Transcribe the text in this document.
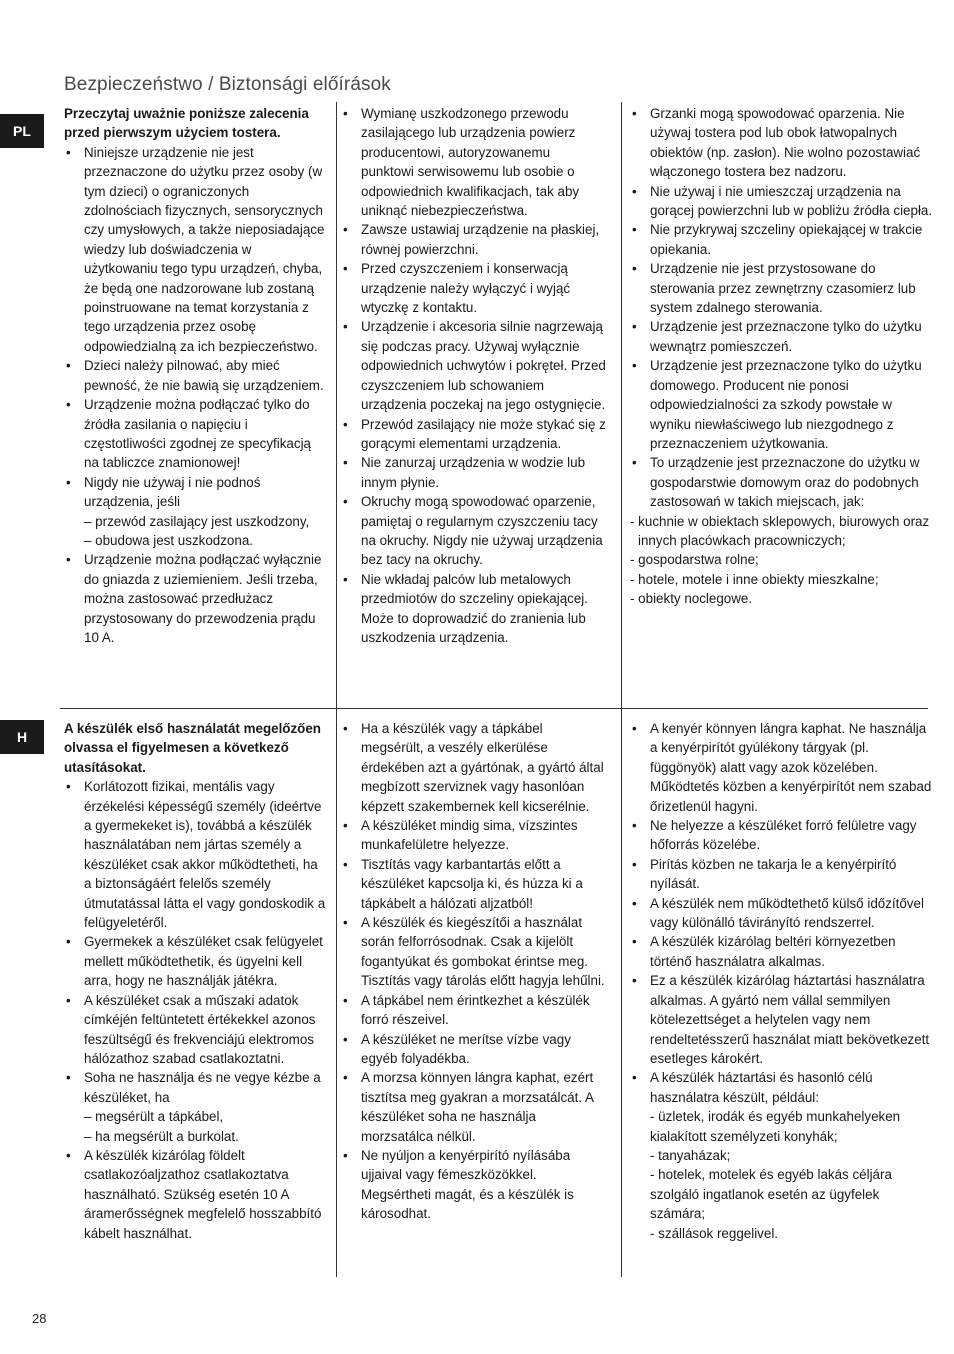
Bezpieczeństwo / Biztonsági előírások
PL
H
Przeczytaj uważnie poniższe zalecenia przed pierwszym użyciem tostera.
• Niniejsze urządzenie nie jest przeznaczone do użytku przez osoby (w tym dzieci) o ograniczonych zdolnościach fizycznych, sensorycznych czy umysłowych, a także nieposiadające wiedzy lub doświadczenia w użytkowaniu tego typu urządzeń, chyba, że będą one nadzorowane lub zostaną poinstruowane na temat korzystania z tego urządzenia przez osobę odpowiedzialną za ich bezpieczeństwo.
• Dzieci należy pilnować, aby mieć pewność, że nie bawią się urządzeniem.
• Urządzenie można podłączać tylko do źródła zasilania o napięciu i częstotliwości zgodnej ze specyfikacją na tabliczce znamionowej!
• Nigdy nie używaj i nie podnoś urządzenia, jeśli
– przewód zasilający jest uszkodzony,
– obudowa jest uszkodzona.
• Urządzenie można podłączać wyłącznie do gniazda z uziemieniem. Jeśli trzeba, można zastosować przedłużacz przystosowany do przewodzenia prądu 10 A.
• Wymianę uszkodzonego przewodu zasilającego lub urządzenia powierz producentowi, autoryzowanemu punktowi serwisowemu lub osobie o odpowiednich kwalifikacjach, tak aby uniknąć niebezpieczeństwa.
• Zawsze ustawiaj urządzenie na płaskiej, równej powierzchni.
• Przed czyszczeniem i konserwacją urządzenie należy wyłączyć i wyjąć wtyczkę z kontaktu.
• Urządzenie i akcesoria silnie nagrzewają się podczas pracy. Używaj wyłącznie odpowiednich uchwytów i pokręteł. Przed czyszczeniem lub schowaniem urządzenia poczekaj na jego ostygnięcie.
• Przewód zasilający nie może stykać się z gorącymi elementami urządzenia.
• Nie zanurzaj urządzenia w wodzie lub innym płynie.
• Okruchy mogą spowodować oparzenie, pamiętaj o regularnym czyszczeniu tacy na okruchy. Nigdy nie używaj urządzenia bez tacy na okruchy.
• Nie wkładaj palców lub metalowych przedmiotów do szczeliny opiekającej. Może to doprowadzić do zranienia lub uszkodzenia urządzenia.
• Grzanki mogą spowodować oparzenia. Nie używaj tostera pod lub obok łatwopalnych obiektów (np. zasłon). Nie wolno pozostawiać włączonego tostera bez nadzoru.
• Nie używaj i nie umieszczaj urządzenia na gorącej powierzchni lub w pobliżu źródła ciepła.
• Nie przykrywaj szczeliny opiekającej w trakcie opiekania.
• Urządzenie nie jest przystosowane do sterowania przez zewnętrzny czasomierz lub system zdalnego sterowania.
• Urządzenie jest przeznaczone tylko do użytku wewnątrz pomieszczeń.
• Urządzenie jest przeznaczone tylko do użytku domowego. Producent nie ponosi odpowiedzialności za szkody powstałe w wyniku niewłaściwego lub niezgodnego z przeznaczeniem użytkowania.
• To urządzenie jest przeznaczone do użytku w gospodarstwie domowym oraz do podobnych zastosowań w takich miejscach, jak:
- kuchnie w obiektach sklepowych, biurowych oraz innych placówkach pracowniczych;
- gospodarstwa rolne;
- hotele, motele i inne obiekty mieszkalne;
- obiekty noclegowe.
A készülék első használatát megelőzően olvassa el figyelmesen a következő utasításokat.
• Korlátozott fizikai, mentális vagy érzékelési képességű személy (ideértve a gyermekeket is), továbbá a készülék használatában nem jártas személy a készüléket csak akkor működtetheti, ha a biztonságáért felelős személy útmutatással látta el vagy gondoskodik a felügyeletéről.
• Gyermekek a készüléket csak felügyelet mellett működtethetik, és ügyelni kell arra, hogy ne használják játékra.
• A készüléket csak a műszaki adatok címkéjén feltüntetett értékekkel azonos feszültségű és frekvenciájú elektromos hálózathoz szabad csatlakoztatni.
• Soha ne használja és ne vegye kézbe a készüléket, ha
– megsérült a tápkábel,
– ha megsérült a burkolat.
• A készülék kizárólag földelt csatlakozóaljzathoz csatlakoztatva használható. Szükség esetén 10 A áramerősségnek megfelelő hosszabbító kábelt használhat.
• Ha a készülék vagy a tápkábel megsérült, a veszély elkerülése érdekében azt a gyártónak, a gyártó által megbízott szerviznek vagy hasonlóan képzett szakembernek kell kicserélnie.
• A készüléket mindig sima, vízszintes munkafelületre helyezze.
• Tisztítás vagy karbantartás előtt a készüléket kapcsolja ki, és húzza ki a tápkábelt a hálózati aljzatból!
• A készülék és kiegészítői a használat során felforrósodnak. Csak a kijelölt fogantyúkat és gombokat érintse meg. Tisztítás vagy tárolás előtt hagyja lehűlni.
• A tápkábel nem érintkezhet a készülék forró részeivel.
• A készüléket ne merítse vízbe vagy egyéb folyadékba.
• A morzsa könnyen lángra kaphat, ezért tisztítsa meg gyakran a morzsatálcát. A készüléket soha ne használja morzsatálca nélkül.
• Ne nyúljon a kenyérpirító nyílásába ujjaival vagy fémeszközökkel. Megsértheti magát, és a készülék is károsodhat.
• A kenyér könnyen lángra kaphat. Ne használja a kenyérpirítót gyúlékony tárgyak (pl. függönyök) alatt vagy azok közelében. Működtetés közben a kenyérpirítót nem szabad őrizetlenül hagyni.
• Ne helyezze a készüléket forró felületre vagy hőforrás közelébe.
• Pirítás közben ne takarja le a kenyérpirító nyílását.
• A készülék nem működtethető külső időzítővel vagy különálló távirányító rendszerrel.
• A készülék kizárólag beltéri környezetben történő használatra alkalmas.
• Ez a készülék kizárólag háztartási használatra alkalmas. A gyártó nem vállal semmilyen kötelezettséget a helytelen vagy nem rendeltetésszerű használat miatt bekövetkezett esetleges károkért.
• A készülék háztartási és hasonló célú használatra készült, például:
- üzletek, irodák és egyéb munkahelyeken kialakított személyzeti konyhák;
- tanyaházak;
- hotelek, motelek és egyéb lakás céljára szolgáló ingatlanok esetén az ügyfelek számára;
- szállások reggelivel.
28
